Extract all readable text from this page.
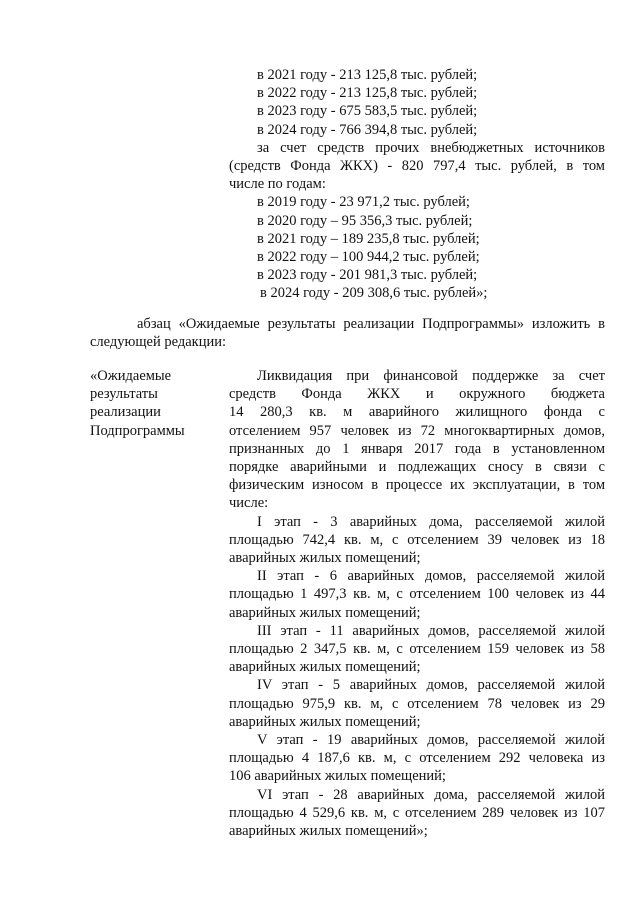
в 2021 году - 213 125,8 тыс. рублей;
в 2022 году - 213 125,8 тыс. рублей;
в 2023 году - 675 583,5 тыс. рублей;
в 2024 году - 766 394,8 тыс. рублей;
за счет средств прочих внебюджетных источников
(средств Фонда ЖКХ) - 820 797,4 тыс. рублей, в том
числе по годам:
в 2019 году - 23 971,2 тыс. рублей;
в 2020 году – 95 356,3 тыс. рублей;
в 2021 году – 189 235,8 тыс. рублей;
в 2022 году – 100 944,2 тыс. рублей;
в 2023 году - 201 981,3 тыс. рублей;
в 2024 году - 209 308,6 тыс. рублей»;
абзац «Ожидаемые результаты реализации Подпрограммы» изложить в
следующей редакции:
«Ожидаемые
результаты
реализации
Подпрограммы
Ликвидация при финансовой поддержке за счет
средств Фонда ЖКХ и окружного бюджета
14 280,3 кв. м аварийного жилищного фонда с
отселением 957 человек из 72 многоквартирных домов,
признанных до 1 января 2017 года в установленном
порядке аварийными и подлежащих сносу в связи с
физическим износом в процессе их эксплуатации, в том
числе:
I этап - 3 аварийных дома, расселяемой жилой
площадью 742,4 кв. м, с отселением 39 человек из 18
аварийных жилых помещений;
II этап - 6 аварийных домов, расселяемой жилой
площадью 1 497,3 кв. м, с отселением 100 человек из 44
аварийных жилых помещений;
III этап - 11 аварийных домов, расселяемой жилой
площадью 2 347,5 кв. м, с отселением 159 человек из 58
аварийных жилых помещений;
IV этап - 5 аварийных домов, расселяемой жилой
площадью 975,9 кв. м, с отселением 78 человек из 29
аварийных жилых помещений;
V этап - 19 аварийных домов, расселяемой жилой
площадью 4 187,6 кв. м, с отселением 292 человека из
106 аварийных жилых помещений;
VI этап - 28 аварийных дома, расселяемой жилой
площадью 4 529,6 кв. м, с отселением 289 человек из 107
аварийных жилых помещений»;
